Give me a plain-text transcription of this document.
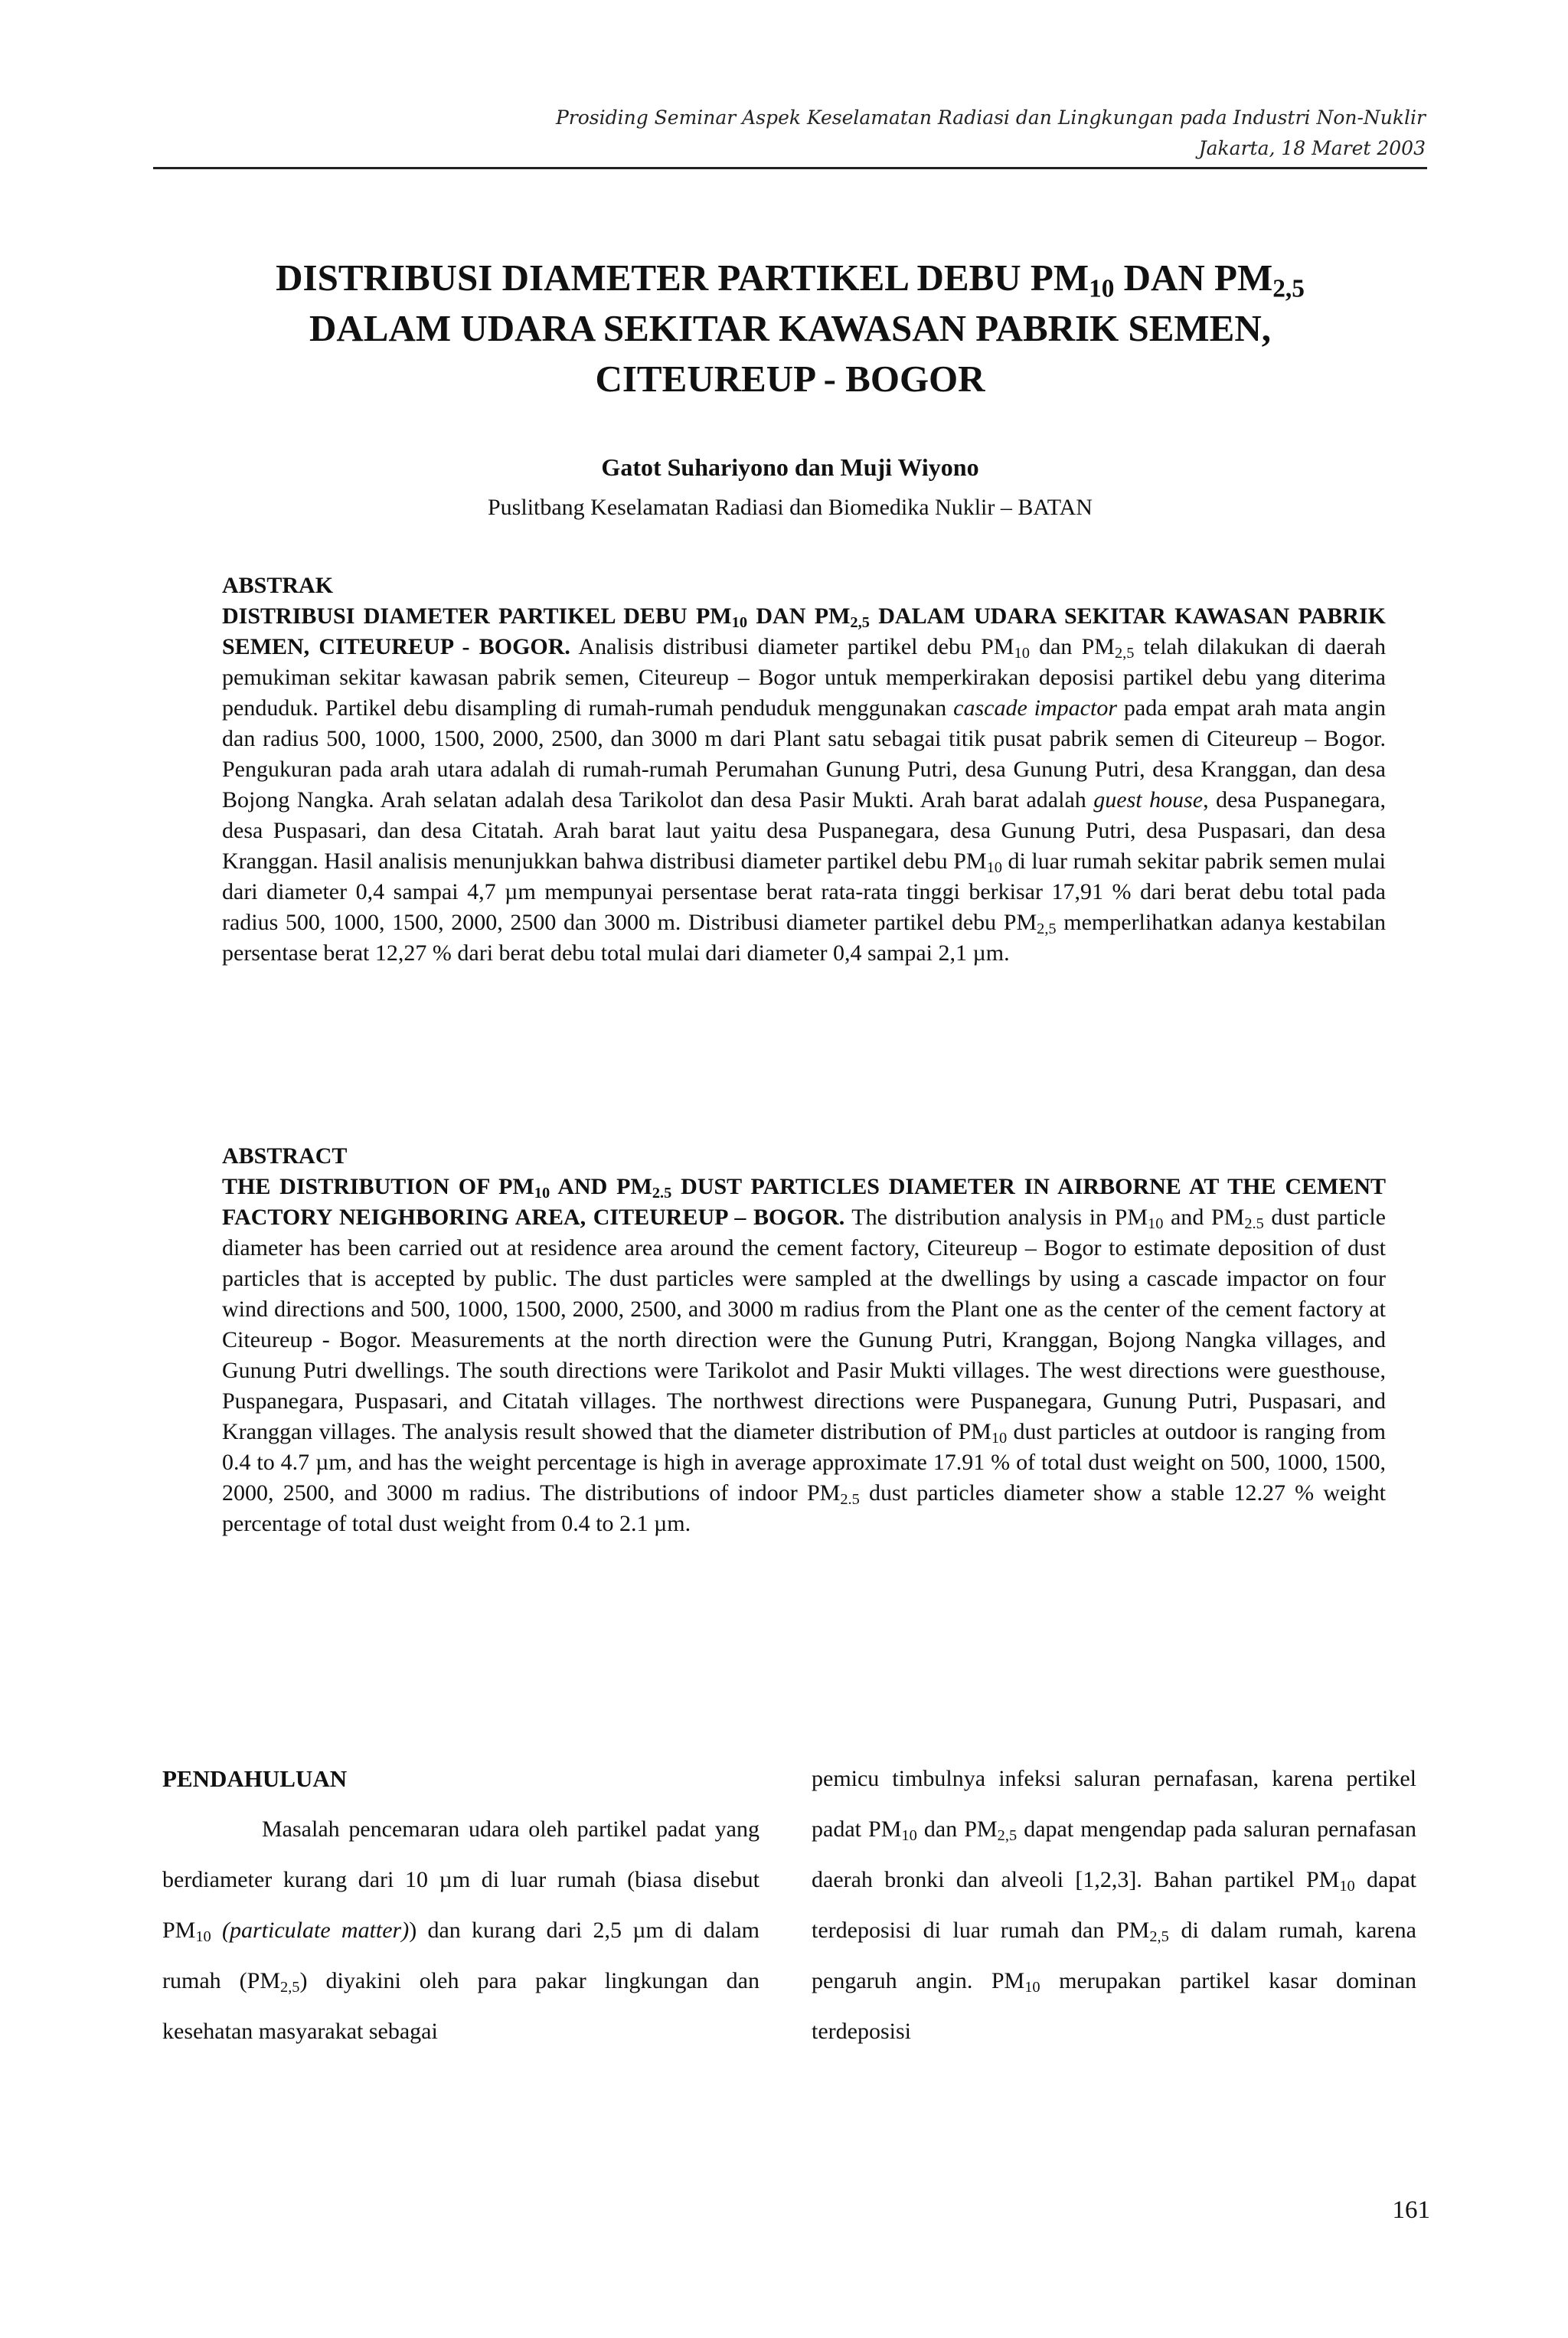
Prosiding Seminar Aspek Keselamatan Radiasi dan Lingkungan pada Industri Non-Nuklir
Jakarta, 18 Maret 2003
DISTRIBUSI DIAMETER PARTIKEL DEBU $PM_{10}$ DAN $PM_{2,5}$
DALAM UDARA SEKITAR KAWASAN PABRIK SEMEN,
CITEUREUP - BOGOR
Gatot Suhariyono dan Muji Wiyono
Puslitbang Keselamatan Radiasi dan Biomedika Nuklir – BATAN
ABSTRAK
DISTRIBUSI DIAMETER PARTIKEL DEBU $PM_{10}$ DAN $PM_{2,5}$ DALAM UDARA SEKITAR KAWASAN PABRIK SEMEN, CITEUREUP - BOGOR. Analisis distribusi diameter partikel debu $PM_{10}$ dan $PM_{2,5}$ telah dilakukan di daerah pemukiman sekitar kawasan pabrik semen, Citeureup – Bogor untuk memperkirakan deposisi partikel debu yang diterima penduduk. Partikel debu disampling di rumah-rumah penduduk menggunakan cascade impactor pada empat arah mata angin dan radius 500, 1000, 1500, 2000, 2500, dan 3000 m dari Plant satu sebagai titik pusat pabrik semen di Citeureup – Bogor. Pengukuran pada arah utara adalah di rumah-rumah Perumahan Gunung Putri, desa Gunung Putri, desa Kranggan, dan desa Bojong Nangka. Arah selatan adalah desa Tarikolot dan desa Pasir Mukti. Arah barat adalah guest house, desa Puspanegara, desa Puspasari, dan desa Citatah. Arah barat laut yaitu desa Puspanegara, desa Gunung Putri, desa Puspasari, dan desa Kranggan. Hasil analisis menunjukkan bahwa distribusi diameter partikel debu $PM_{10}$ di luar rumah sekitar pabrik semen mulai dari diameter 0,4 sampai 4,7 µm mempunyai persentase berat rata-rata tinggi berkisar 17,91 % dari berat debu total pada radius 500, 1000, 1500, 2000, 2500 dan 3000 m. Distribusi diameter partikel debu $PM_{2,5}$ memperlihatkan adanya kestabilan persentase berat 12,27 % dari berat debu total mulai dari diameter 0,4 sampai 2,1 µm.
ABSTRACT
THE DISTRIBUTION OF $PM_{10}$ AND $PM_{2.5}$ DUST PARTICLES DIAMETER IN AIRBORNE AT THE CEMENT FACTORY NEIGHBORING AREA, CITEUREUP – BOGOR. The distribution analysis in $PM_{10}$ and $PM_{2.5}$ dust particle diameter has been carried out at residence area around the cement factory, Citeureup – Bogor to estimate deposition of dust particles that is accepted by public. The dust particles were sampled at the dwellings by using a cascade impactor on four wind directions and 500, 1000, 1500, 2000, 2500, and 3000 m radius from the Plant one as the center of the cement factory at Citeureup - Bogor. Measurements at the north direction were the Gunung Putri, Kranggan, Bojong Nangka villages, and Gunung Putri dwellings. The south directions were Tarikolot and Pasir Mukti villages. The west directions were guesthouse, Puspanegara, Puspasari, and Citatah villages. The northwest directions were Puspanegara, Gunung Putri, Puspasari, and Kranggan villages. The analysis result showed that the diameter distribution of $PM_{10}$ dust particles at outdoor is ranging from 0.4 to 4.7 µm, and has the weight percentage is high in average approximate 17.91 % of total dust weight on 500, 1000, 1500, 2000, 2500, and 3000 m radius. The distributions of indoor $PM_{2.5}$ dust particles diameter show a stable 12.27 % weight percentage of total dust weight from 0.4 to 2.1 µm.
PENDAHULUAN
Masalah pencemaran udara oleh partikel padat yang berdiameter kurang dari 10 µm di luar rumah (biasa disebut $PM_{10}$ (particulate matter)) dan kurang dari 2,5 µm di dalam rumah $(PM_{2,5})$ diyakini oleh para pakar lingkungan dan kesehatan masyarakat sebagai
pemicu timbulnya infeksi saluran pernafasan, karena pertikel padat $PM_{10}$ dan $PM_{2,5}$ dapat mengendap pada saluran pernafasan daerah bronki dan alveoli [1,2,3]. Bahan partikel $PM_{10}$ dapat terdeposisi di luar rumah dan $PM_{2,5}$ di dalam rumah, karena pengaruh angin. $PM_{10}$ merupakan partikel kasar dominan terdeposisi
161
